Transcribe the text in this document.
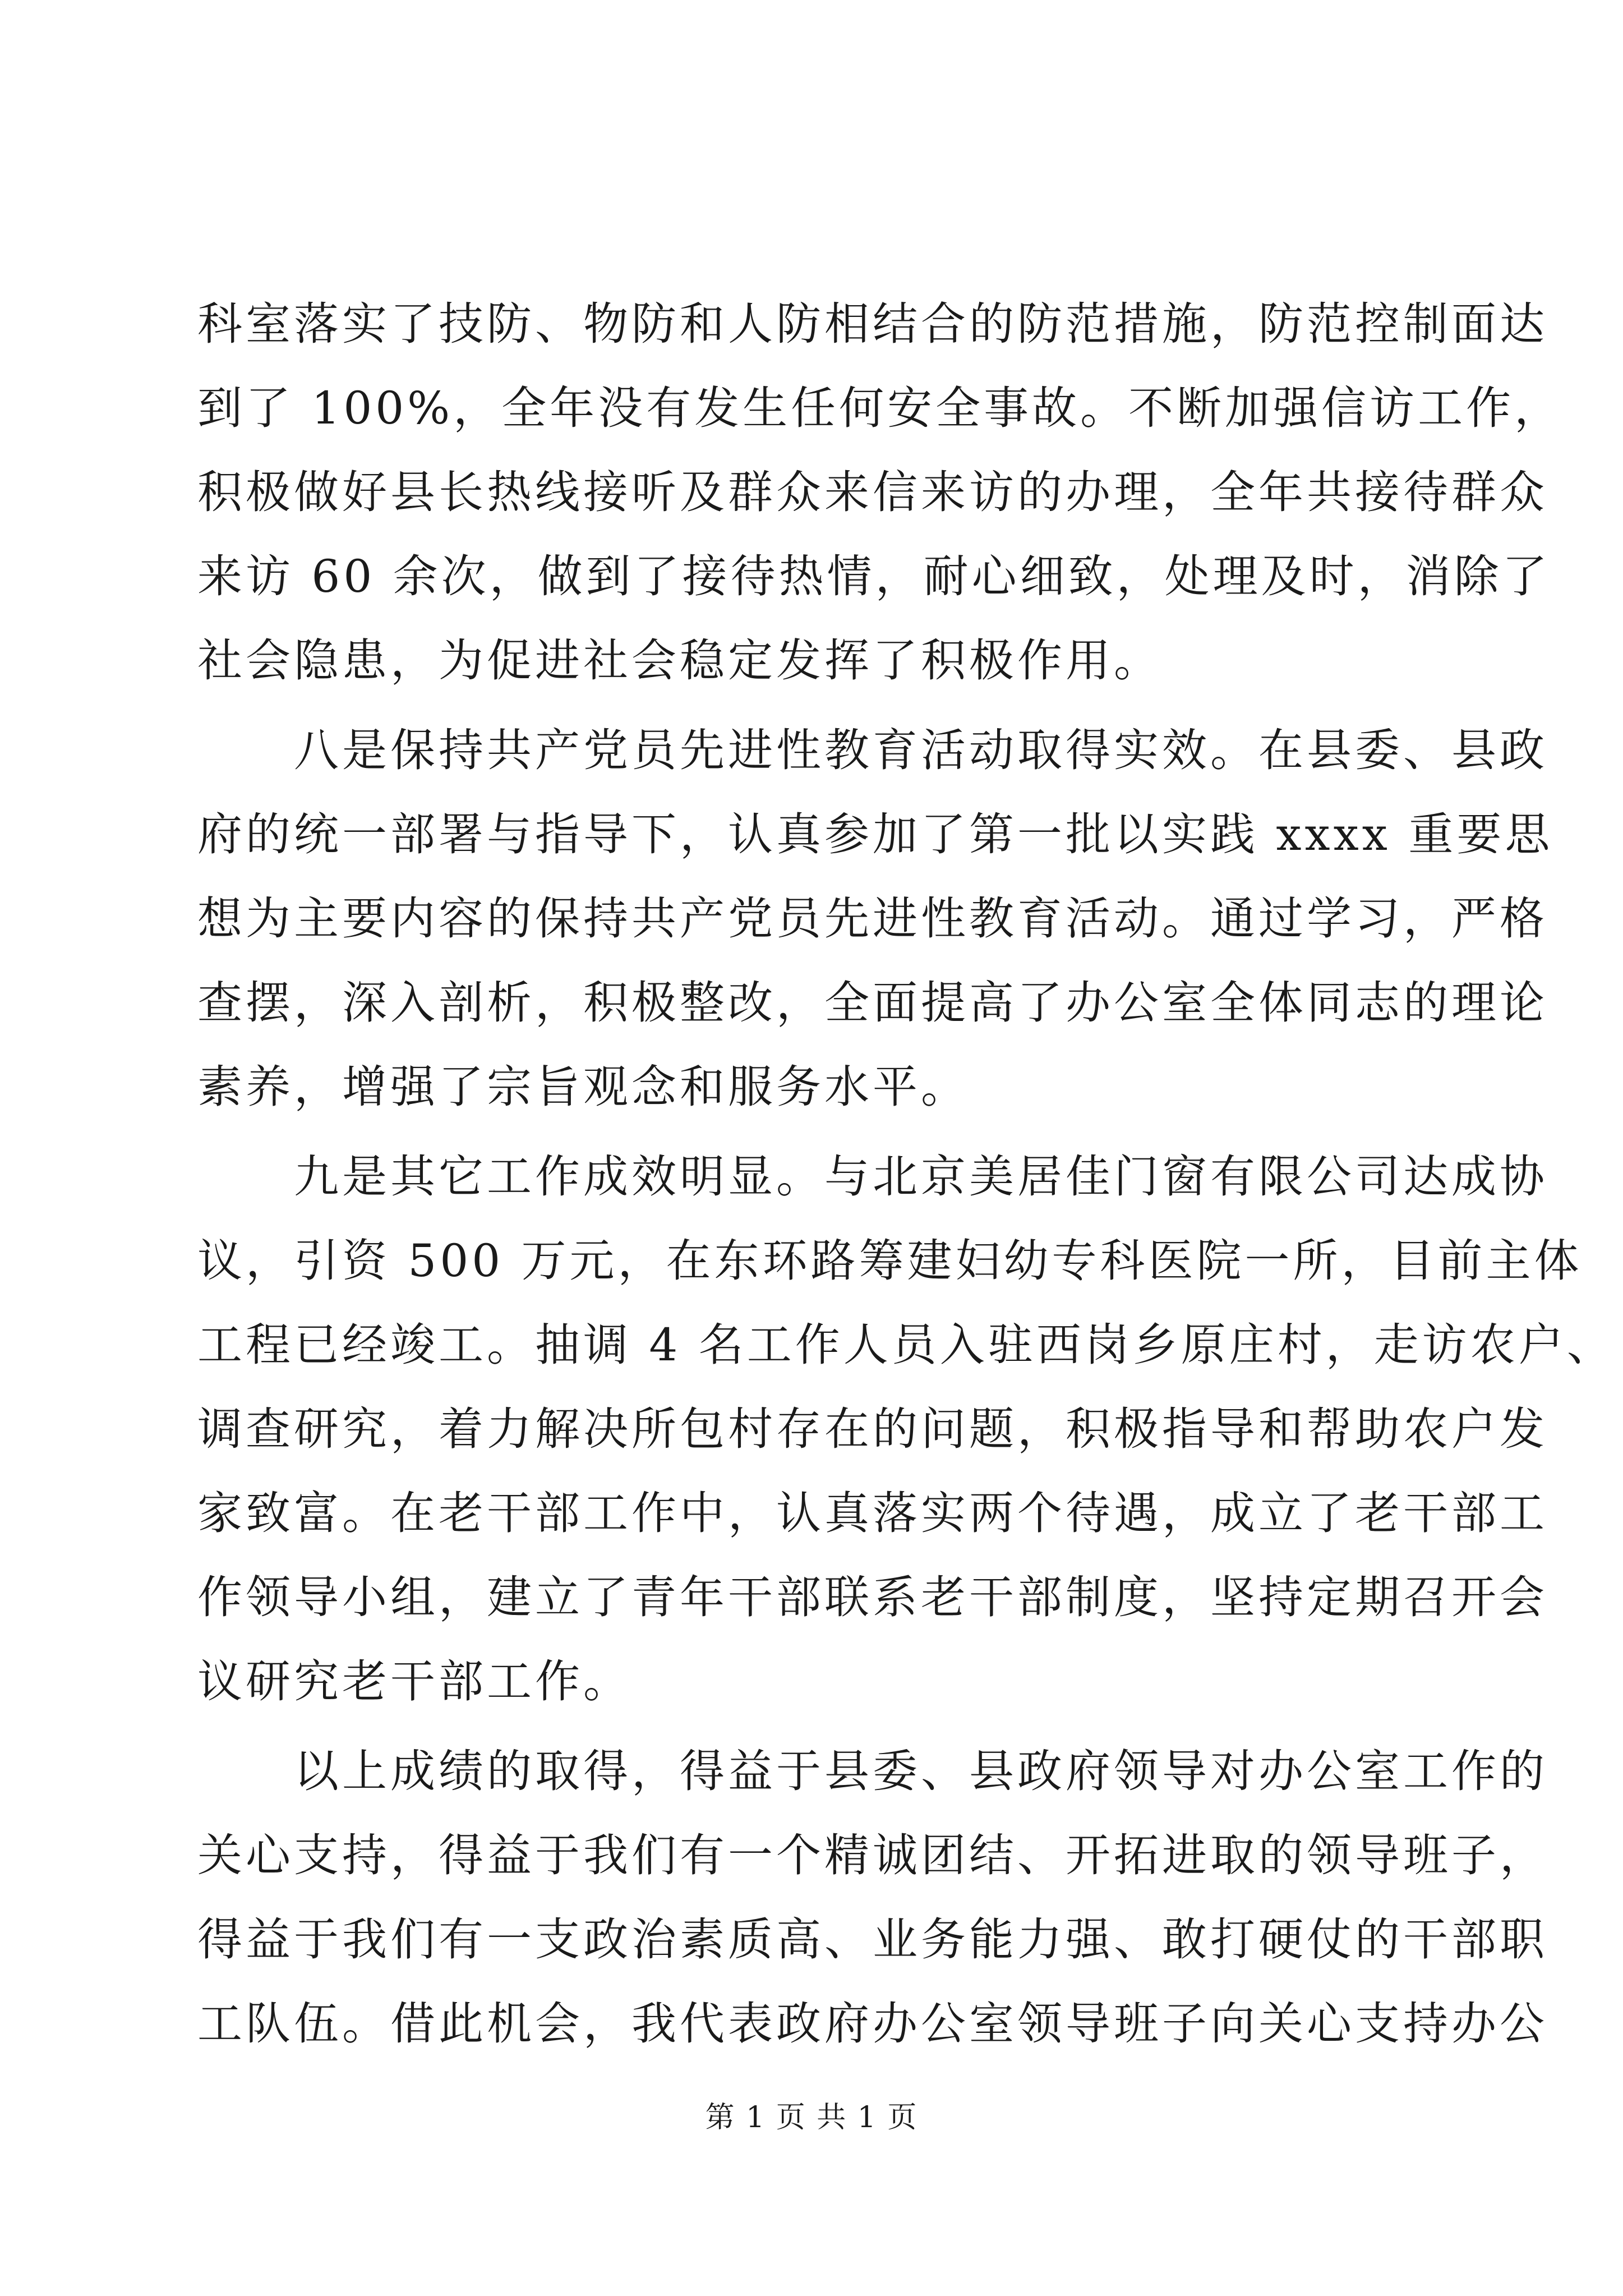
科室落实了技防、物防和人防相结合的防范措施，防范控制面达
到了 100%，全年没有发生任何安全事故。不断加强信访工作，
积极做好县长热线接听及群众来信来访的办理，全年共接待群众
来访 60 余次，做到了接待热情，耐心细致，处理及时，消除了
社会隐患，为促进社会稳定发挥了积极作用。
　　八是保持共产党员先进性教育活动取得实效。在县委、县政
府的统一部署与指导下，认真参加了第一批以实践 xxxx 重要思
想为主要内容的保持共产党员先进性教育活动。通过学习，严格
查摆，深入剖析，积极整改，全面提高了办公室全体同志的理论
素养，增强了宗旨观念和服务水平。
　　九是其它工作成效明显。与北京美居佳门窗有限公司达成协
议，引资 500 万元，在东环路筹建妇幼专科医院一所，目前主体
工程已经竣工。抽调 4 名工作人员入驻西岗乡原庄村，走访农户、
调查研究，着力解决所包村存在的问题，积极指导和帮助农户发
家致富。在老干部工作中，认真落实两个待遇，成立了老干部工
作领导小组，建立了青年干部联系老干部制度，坚持定期召开会
议研究老干部工作。
　　以上成绩的取得，得益于县委、县政府领导对办公室工作的
关心支持，得益于我们有一个精诚团结、开拓进取的领导班子，
得益于我们有一支政治素质高、业务能力强、敢打硬仗的干部职
工队伍。借此机会，我代表政府办公室领导班子向关心支持办公
第 1 页 共 1 页
